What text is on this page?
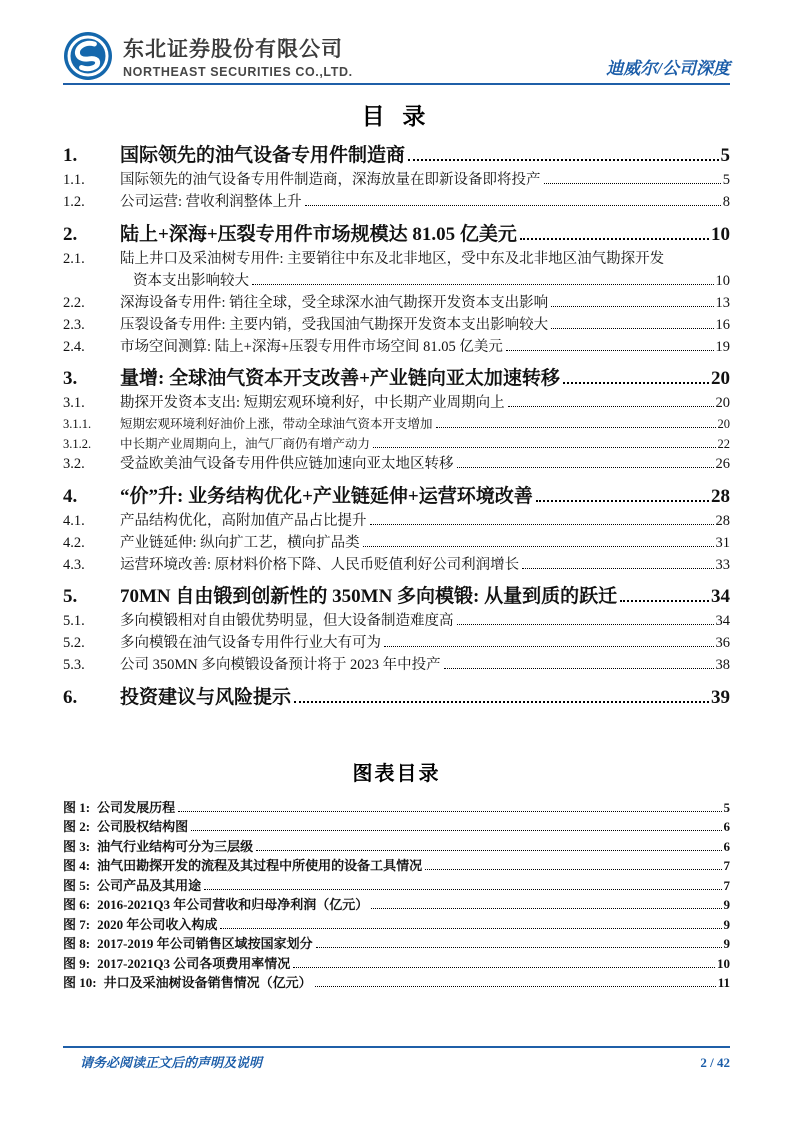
东北证券股份有限公司
NORTHEAST SECURITIES CO.,LTD.	迪威尔/公司深度
目 录
1.	国际领先的油气设备专用件制造商	5
1.1.	国际领先的油气设备专用件制造商，深海放量在即新设备即将投产	5
1.2.	公司运营: 营收利润整体上升	8
2.	陆上+深海+压裂专用件市场规模达 81.05 亿美元	10
2.1.	陆上井口及采油树专用件: 主要销往中东及北非地区，受中东及北非地区油气勘探开发
资本支出影响较大	10
2.2.	深海设备专用件: 销往全球，受全球深水油气勘探开发资本支出影响	13
2.3.	压裂设备专用件: 主要内销，受我国油气勘探开发资本支出影响较大	16
2.4.	市场空间测算: 陆上+深海+压裂专用件市场空间 81.05 亿美元	19
3.	量增: 全球油气资本开支改善+产业链向亚太加速转移	20
3.1.	勘探开发资本支出: 短期宏观环境利好，中长期产业周期向上	20
3.1.1.	短期宏观环境利好油价上涨，带动全球油气资本开支增加	20
3.1.2.	中长期产业周期向上，油气厂商仍有增产动力	22
3.2.	受益欧美油气设备专用件供应链加速向亚太地区转移	26
4.	“价”升: 业务结构优化+产业链延伸+运营环境改善	28
4.1.	产品结构优化，高附加值产品占比提升	28
4.2.	产业链延伸: 纵向扩工艺，横向扩品类	31
4.3.	运营环境改善: 原材料价格下降、人民币贬值利好公司利润增长	33
5.	70MN 自由锻到创新性的 350MN 多向模锻: 从量到质的跃迁	34
5.1.	多向模锻相对自由锻优势明显，但大设备制造难度高	34
5.2.	多向模锻在油气设备专用件行业大有可为	36
5.3.	公司 350MN 多向模锻设备预计将于 2023 年中投产	38
6.	投资建议与风险提示	39
图表目录
图 1: 公司发展历程	5
图 2: 公司股权结构图	6
图 3: 油气行业结构可分为三层级	6
图 4: 油气田勘探开发的流程及其过程中所使用的设备工具情况	7
图 5: 公司产品及其用途	7
图 6: 2016-2021Q3 年公司营收和归母净利润（亿元）	9
图 7: 2020 年公司收入构成	9
图 8: 2017-2019 年公司销售区域按国家划分	9
图 9: 2017-2021Q3 公司各项费用率情况	10
图 10: 井口及采油树设备销售情况（亿元）	11
请务必阅读正文后的声明及说明	2 / 42
